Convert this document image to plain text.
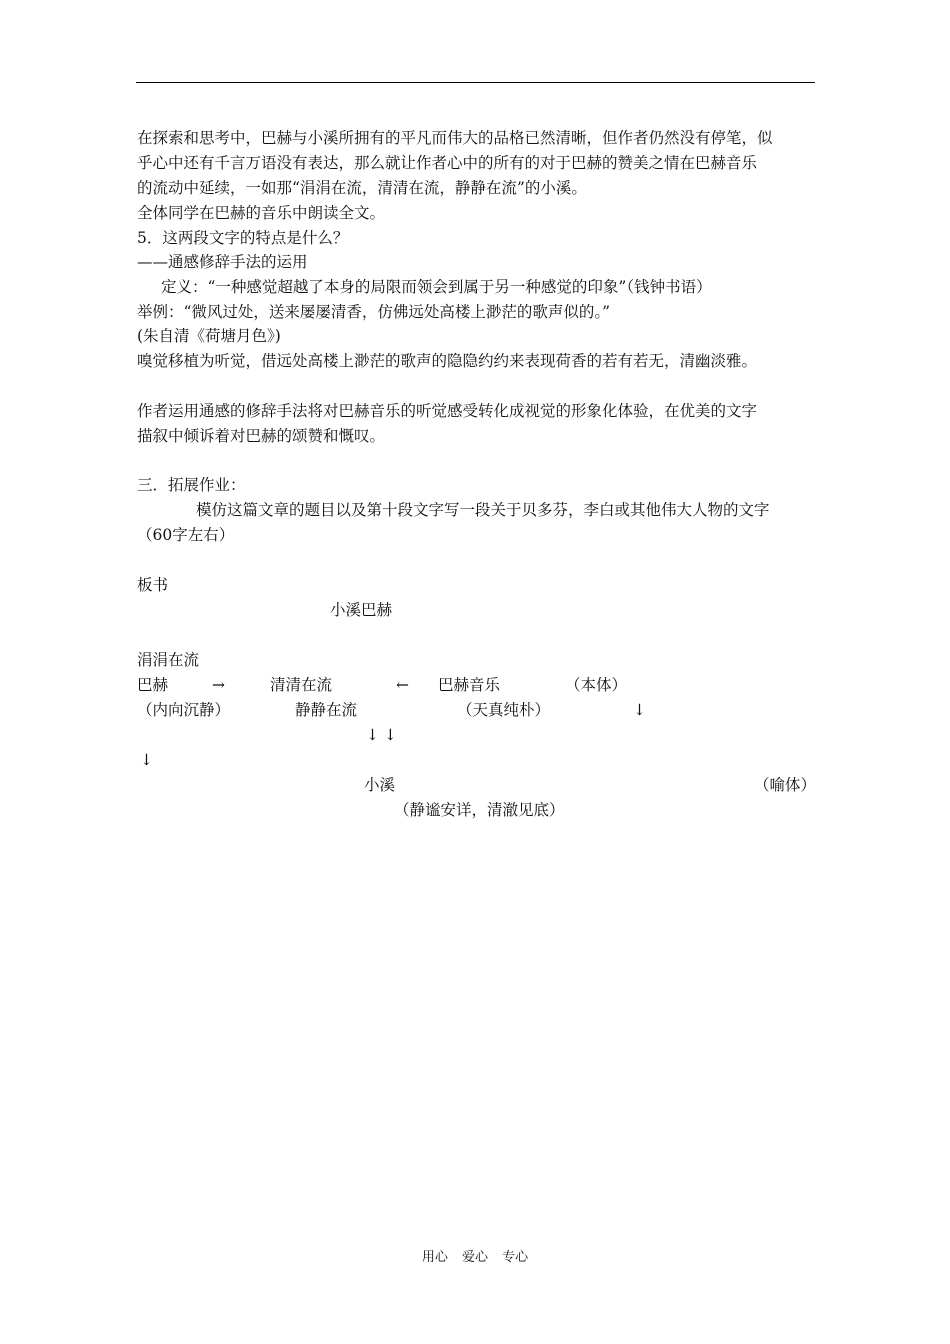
在探索和思考中，巴赫与小溪所拥有的平凡而伟大的品格已然清晰，但作者仍然没有停笔，似
乎心中还有千言万语没有表达，那么就让作者心中的所有的对于巴赫的赞美之情在巴赫音乐
的流动中延续，一如那“涓涓在流，清清在流，静静在流”的小溪。
全体同学在巴赫的音乐中朗读全文。
5．这两段文字的特点是什么？
——通感修辞手法的运用
定义：“一种感觉超越了本身的局限而领会到属于另一种感觉的印象”（钱钟书语）
举例：“微风过处，送来屡屡清香，仿佛远处高楼上渺茫的歌声似的。”
(朱自清《荷塘月色》)
嗅觉移植为听觉，借远处高楼上渺茫的歌声的隐隐约约来表现荷香的若有若无，清幽淡雅。
作者运用通感的修辞手法将对巴赫音乐的听觉感受转化成视觉的形象化体验，在优美的文字
描叙中倾诉着对巴赫的颂赞和慨叹。
三．拓展作业：
模仿这篇文章的题目以及第十段文字写一段关于贝多芬，李白或其他伟大人物的文字
（60字左右）
板书
小溪巴赫
涓涓在流
巴赫	→	清清在流	← 巴赫音乐	（本体）
（内向沉静）	静静在流	（天真纯朴）	↓
↓ ↓
↓
小溪	（喻体）
（静谧安详，清澈见底）
用心 爱心 专心
